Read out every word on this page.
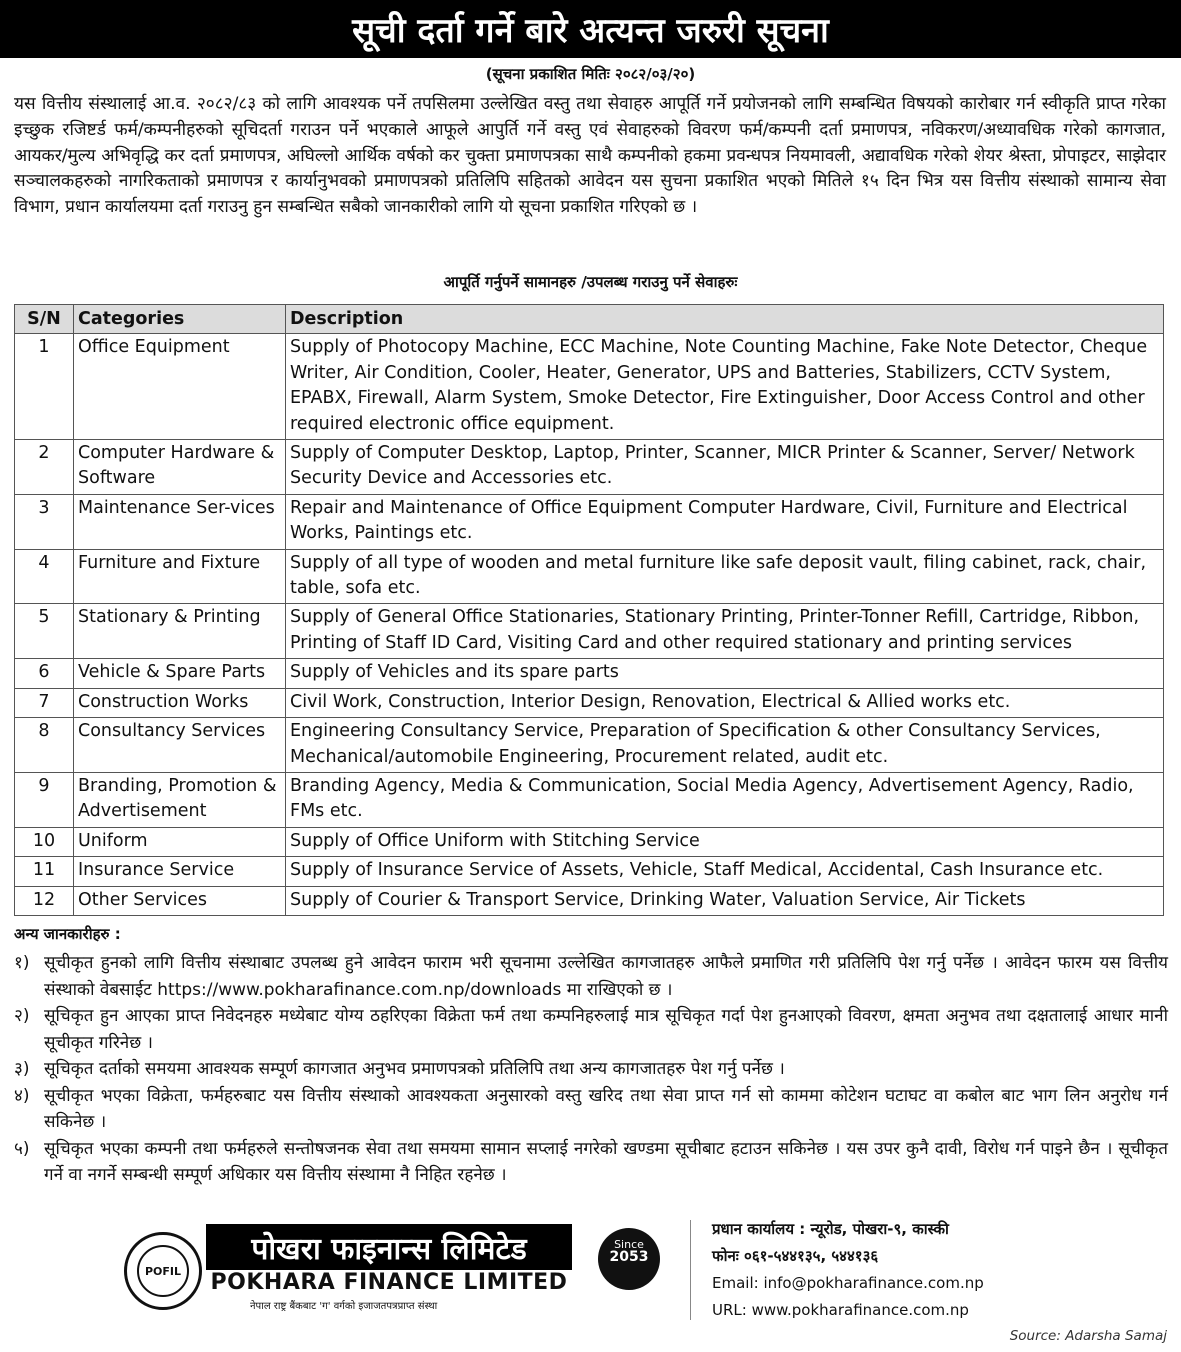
सूची दर्ता गर्ने बारे अत्यन्त जरुरी सूचना
(सूचना प्रकाशित मितिः २०८२/०३/२०)

यस वित्तीय संस्थालाई आ.व. २०८२/८३ को लागि आवश्यक पर्ने तपसिलमा उल्लेखित वस्तु तथा सेवाहरु आपूर्ति गर्ने प्रयोजनको लागि सम्बन्धित विषयको कारोबार गर्न स्वीकृति प्राप्त गरेका इच्छुक रजिष्टर्ड फर्म/कम्पनीहरुको सूचिदर्ता गराउन पर्ने भएकाले आफूले आपुर्ति गर्ने वस्तु एवं सेवाहरुको विवरण फर्म/कम्पनी दर्ता प्रमाणपत्र, नविकरण/अध्यावधिक गरेको कागजात, आयकर/मुल्य अभिवृद्धि कर दर्ता प्रमाणपत्र, अघिल्लो आर्थिक वर्षको कर चुक्ता प्रमाणपत्रका साथै कम्पनीको हकमा प्रवन्धपत्र नियमावली, अद्यावधिक गरेको शेयर श्रेस्ता, प्रोपाइटर, साझेदार सञ्चालकहरुको नागरिकताको प्रमाणपत्र र कार्यानुभवको प्रमाणपत्रको प्रतिलिपि सहितको आवेदन यस सुचना प्रकाशित भएको मितिले १५ दिन भित्र यस वित्तीय संस्थाको सामान्य सेवा विभाग, प्रधान कार्यालयमा दर्ता गराउनु हुन सम्बन्धित सबैको जानकारीको लागि यो सूचना प्रकाशित गरिएको छ ।

आपूर्ति गर्नुपर्ने सामानहरु /उपलब्ध गराउनु पर्ने सेवाहरुः
S/N	Categories	Description
1	Office Equipment	Supply of Photocopy Machine, ECC Machine, Note Counting Machine, Fake Note Detector, Cheque Writer, Air Condition, Cooler, Heater, Generator, UPS and Batteries, Stabilizers, CCTV System, EPABX, Firewall, Alarm System, Smoke Detector, Fire Extinguisher, Door Access Control and other required electronic office equipment.
2	Computer Hardware & Software	Supply of Computer Desktop, Laptop, Printer, Scanner, MICR Printer & Scanner, Server/ Network Security Device and Accessories etc.
3	Maintenance Ser-vices	Repair and Maintenance of Office Equipment Computer Hardware, Civil, Furniture and Electrical Works, Paintings etc.
4	Furniture and Fixture	Supply of all type of wooden and metal furniture like safe deposit vault, filing cabinet, rack, chair, table, sofa etc.
5	Stationary & Printing	Supply of General Office Stationaries, Stationary Printing, Printer-Tonner Refill, Cartridge, Ribbon, Printing of Staff ID Card, Visiting Card and other required stationary and printing services
6	Vehicle & Spare Parts	Supply of Vehicles and its spare parts
7	Construction Works	Civil Work, Construction, Interior Design, Renovation, Electrical & Allied works etc.
8	Consultancy Services	Engineering Consultancy Service, Preparation of Specification & other Consultancy Services, Mechanical/automobile Engineering, Procurement related, audit etc.
9	Branding, Promotion & Advertisement	Branding Agency, Media & Communication, Social Media Agency, Advertisement Agency, Radio, FMs etc.
10	Uniform	Supply of Office Uniform with Stitching Service
11	Insurance Service	Supply of Insurance Service of Assets, Vehicle, Staff Medical, Accidental, Cash Insurance etc.
12	Other Services	Supply of Courier & Transport Service, Drinking Water, Valuation Service, Air Tickets
अन्य जानकारीहरु :
१) सूचीकृत हुनको लागि वित्तीय संस्थाबाट उपलब्ध हुने आवेदन फाराम भरी सूचनामा उल्लेखित कागजातहरु आफैले प्रमाणित गरी प्रतिलिपि पेश गर्नु पर्नेछ । आवेदन फारम यस वित्तीय संस्थाको वेबसाईट https://www.pokharafinance.com.np/downloads मा राखिएको छ ।
२) सूचिकृत हुन आएका प्राप्त निवेदनहरु मध्येबाट योग्य ठहरिएका विक्रेता फर्म तथा कम्पनिहरुलाई मात्र सूचिकृत गर्दा पेश हुनआएको विवरण, क्षमता अनुभव तथा दक्षतालाई आधार मानी सूचीकृत गरिनेछ ।
३) सूचिकृत दर्ताको समयमा आवश्यक सम्पूर्ण कागजात अनुभव प्रमाणपत्रको प्रतिलिपि तथा अन्य कागजातहरु पेश गर्नु पर्नेछ ।
४) सूचीकृत भएका विक्रेता, फर्महरुबाट यस वित्तीय संस्थाको आवश्यकता अनुसारको वस्तु खरिद तथा सेवा प्राप्त गर्न सो काममा कोटेशन घटाघट वा कबोल बाट भाग लिन अनुरोध गर्न सकिनेछ ।
५) सूचिकृत भएका कम्पनी तथा फर्महरुले सन्तोषजनक सेवा तथा समयमा सामान सप्लाई नगरेको खण्डमा सूचीबाट हटाउन सकिनेछ । यस उपर कुनै दावी, विरोध गर्न पाइने छैन । सूचीकृत गर्ने वा नगर्ने सम्बन्धी सम्पूर्ण अधिकार यस वित्तीय संस्थामा नै निहित रहनेछ ।
POFIL
पोखरा फाइनान्स लिमिटेड
POKHARA FINANCE LIMITED
नेपाल राष्ट्र बैंकबाट 'ग' वर्गको इजाजतपत्रप्राप्त संस्था
Since
2053
प्रधान कार्यालय : न्यूरोड, पोखरा-९, कास्की
फोनः ०६१-५४४१३५, ५४४१३६
Email: info@pokharafinance.com.np
URL: www.pokharafinance.com.np
Source: Adarsha Samaj
